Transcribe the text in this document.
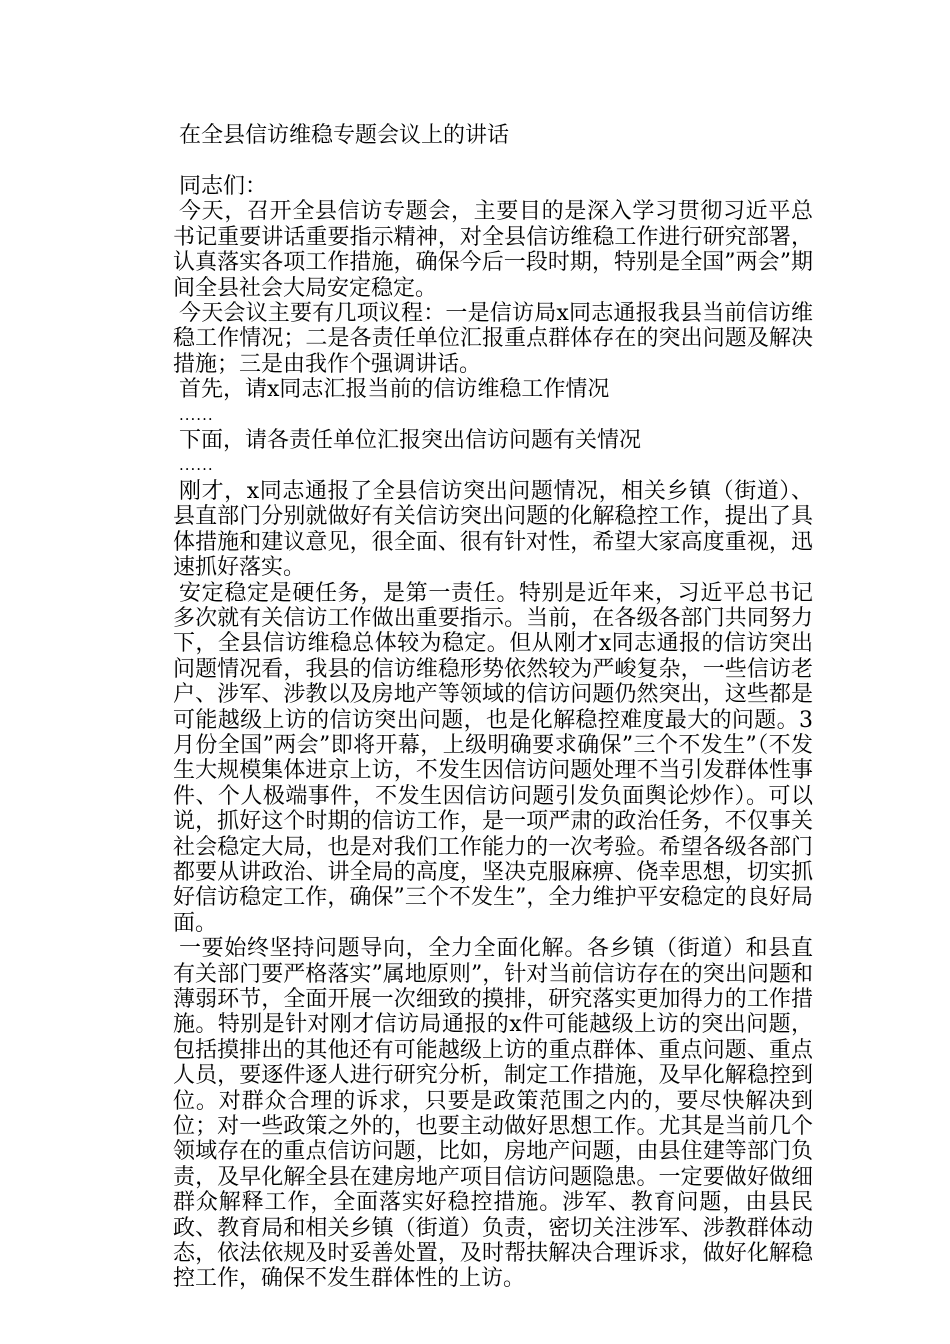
在全县信访维稳专题会议上的讲话

同志们：

今天，召开全县信访专题会，主要目的是深入学习贯彻习近平总书记重要讲话重要指示精神，对全县信访维稳工作进行研究部署，认真落实各项工作措施，确保今后一段时期，特别是全国”两会”期间全县社会大局安定稳定。

今天会议主要有几项议程：一是信访局x同志通报我县当前信访维稳工作情况；二是各责任单位汇报重点群体存在的突出问题及解决措施；三是由我作个强调讲话。

首先，请x同志汇报当前的信访维稳工作情况

......

下面，请各责任单位汇报突出信访问题有关情况

......

刚才，x同志通报了全县信访突出问题情况，相关乡镇（街道）、县直部门分别就做好有关信访突出问题的化解稳控工作，提出了具体措施和建议意见，很全面、很有针对性，希望大家高度重视，迅速抓好落实。

安定稳定是硬任务，是第一责任。特别是近年来，习近平总书记多次就有关信访工作做出重要指示。当前，在各级各部门共同努力下，全县信访维稳总体较为稳定。但从刚才x同志通报的信访突出问题情况看，我县的信访维稳形势依然较为严峻复杂，一些信访老户、涉军、涉教以及房地产等领域的信访问题仍然突出，这些都是可能越级上访的信访突出问题，也是化解稳控难度最大的问题。3月份全国”两会”即将开幕，上级明确要求确保”三个不发生”（不发生大规模集体进京上访，不发生因信访问题处理不当引发群体性事件、个人极端事件，不发生因信访问题引发负面舆论炒作）。可以说，抓好这个时期的信访工作，是一项严肃的政治任务，不仅事关社会稳定大局，也是对我们工作能力的一次考验。希望各级各部门都要从讲政治、讲全局的高度，坚决克服麻痹、侥幸思想，切实抓好信访稳定工作，确保”三个不发生”，全力维护平安稳定的良好局面。

一要始终坚持问题导向，全力全面化解。各乡镇（街道）和县直有关部门要严格落实”属地原则”，针对当前信访存在的突出问题和薄弱环节，全面开展一次细致的摸排，研究落实更加得力的工作措施。特别是针对刚才信访局通报的x件可能越级上访的突出问题，包括摸排出的其他还有可能越级上访的重点群体、重点问题、重点人员，要逐件逐人进行研究分析，制定工作措施，及早化解稳控到位。对群众合理的诉求，只要是政策范围之内的，要尽快解决到位；对一些政策之外的，也要主动做好思想工作。尤其是当前几个领域存在的重点信访问题，比如，房地产问题，由县住建等部门负责，及早化解全县在建房地产项目信访问题隐患。一定要做好做细群众解释工作，全面落实好稳控措施。涉军、教育问题，由县民政、教育局和相关乡镇（街道）负责，密切关注涉军、涉教群体动态，依法依规及时妥善处置，及时帮扶解决合理诉求，做好化解稳控工作，确保不发生群体性的上访。
